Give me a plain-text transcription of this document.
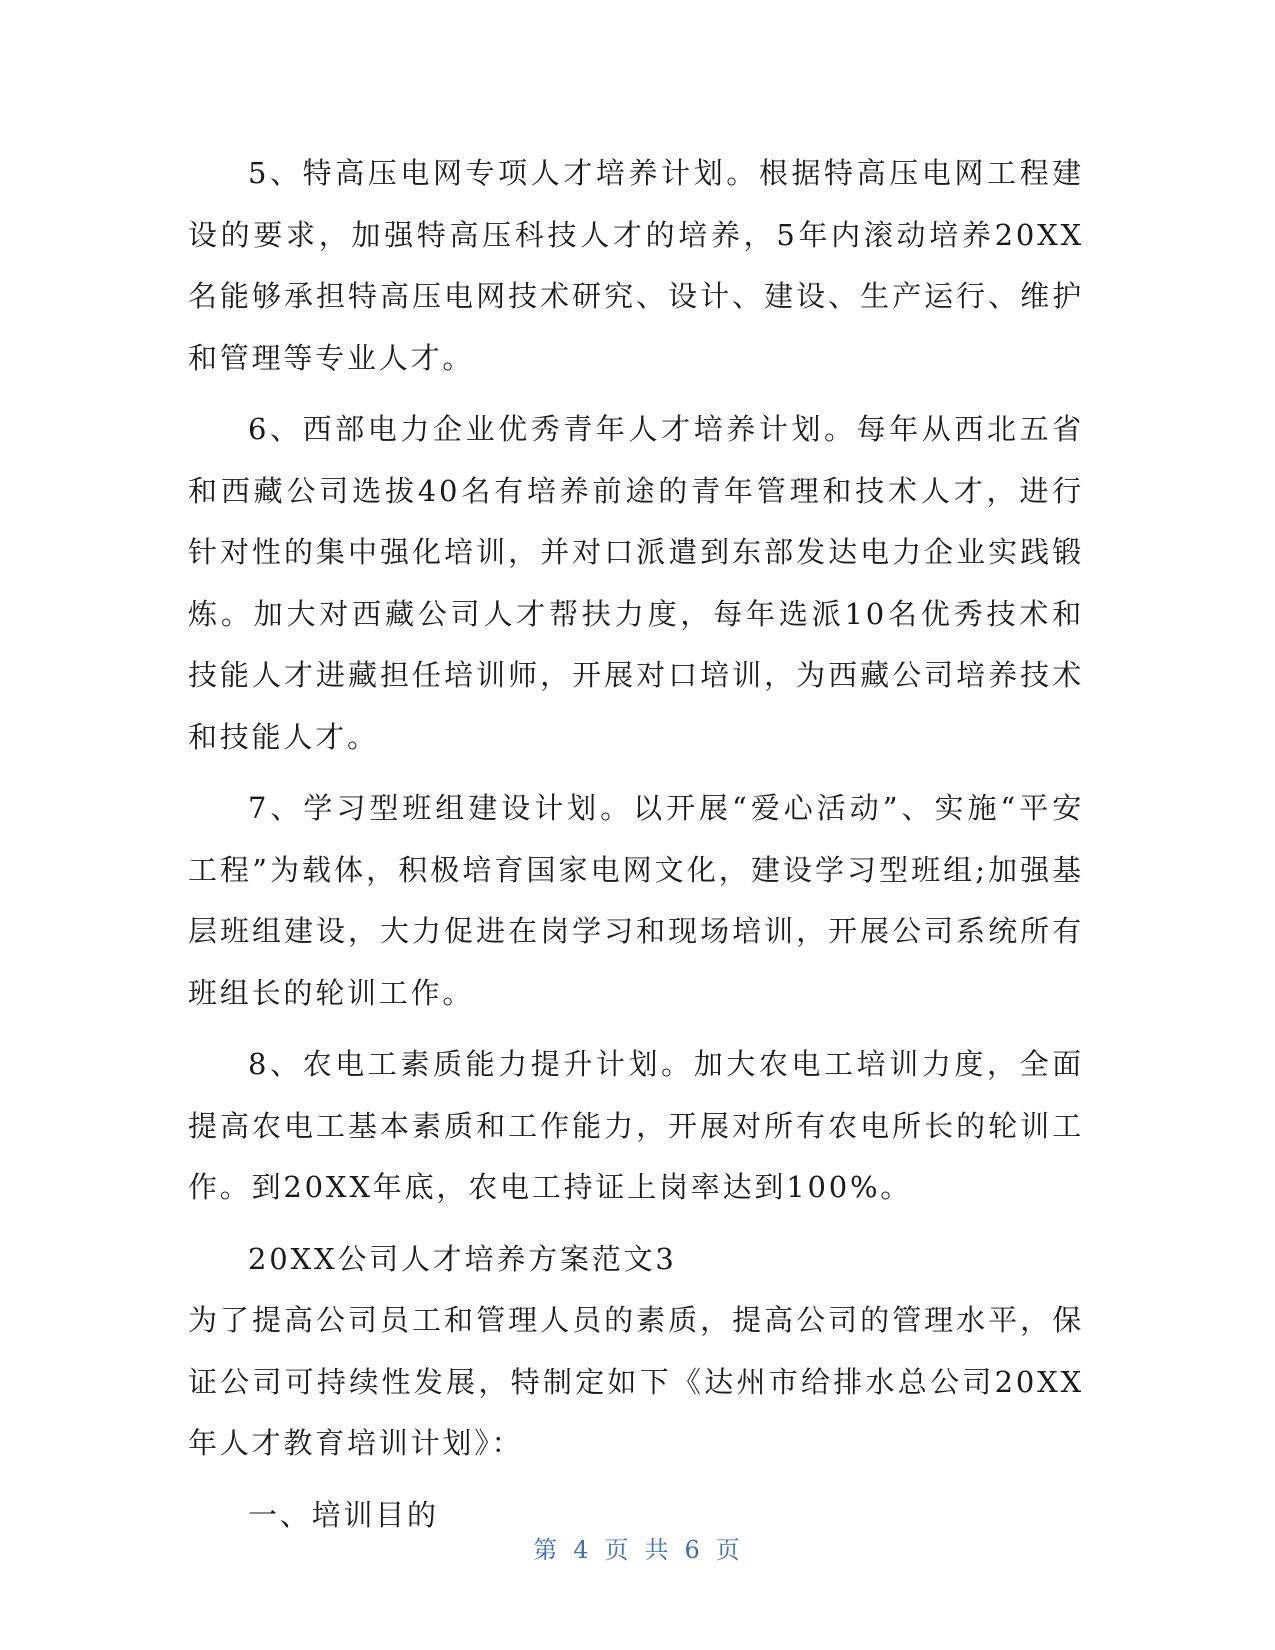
5、特高压电网专项人才培养计划。根据特高压电网工程建设的要求，加强特高压科技人才的培养，5年内滚动培养20XX名能够承担特高压电网技术研究、设计、建设、生产运行、维护和管理等专业人才。

6、西部电力企业优秀青年人才培养计划。每年从西北五省和西藏公司选拔40名有培养前途的青年管理和技术人才，进行针对性的集中强化培训，并对口派遣到东部发达电力企业实践锻炼。加大对西藏公司人才帮扶力度，每年选派10名优秀技术和技能人才进藏担任培训师，开展对口培训，为西藏公司培养技术和技能人才。

7、学习型班组建设计划。以开展“爱心活动”、实施“平安工程”为载体，积极培育国家电网文化，建设学习型班组;加强基层班组建设，大力促进在岗学习和现场培训，开展公司系统所有班组长的轮训工作。

8、农电工素质能力提升计划。加大农电工培训力度，全面提高农电工基本素质和工作能力，开展对所有农电所长的轮训工作。到20XX年底，农电工持证上岗率达到100%。

20XX公司人才培养方案范文3

为了提高公司员工和管理人员的素质，提高公司的管理水平，保证公司可持续性发展，特制定如下《达州市给排水总公司20XX年人才教育培训计划》：

一、培训目的

第 4 页 共 6 页
